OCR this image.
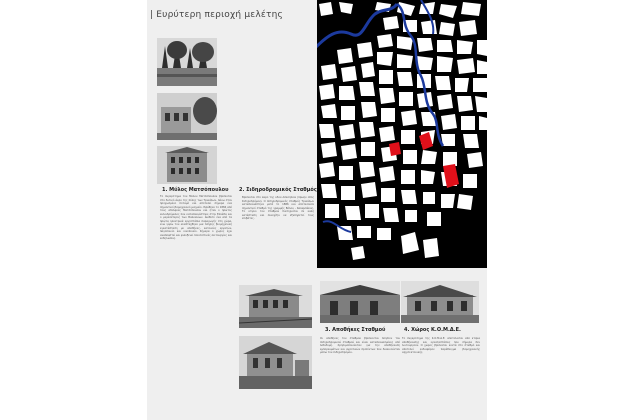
| Ευρύτερη περιοχή μελέτης
1. Μύλος Ματσόπουλου
Το συγκρότημα του Μύλου Ματσόπουλου βρίσκεται στο δυτικό άκρο της πόλης των Τρικάλων, πάνω στον προχωσμένο ποταμό και αποτελεί σήμερα ένα σημαντικό βιομηχανικό μνημείο. Ιδρύθηκε το 1884 από τους αδελφούς Ματσόπουλου και ήταν ο πρώτος κυλινδρόμυλος που κατασκευάστηκε στην Ελλάδα και ο μεγαλύτερος των Βαλκανίων. Διέθετε ένα από τα πρώτα ηλεκτρικά εργοστάσια παραγωγής στη χώρα, ενώ γύρω του αναπτύχθηκε μια πλήρης βιομηχανική εγκατάσταση με αποθήκες, κατοικίες εργατών, παγοποιείο και οινοποιείο. Σήμερα ο χώρος έχει αναπλαστεί και φιλοξενεί πολιτιστικές λειτουργίες και εκδηλώσεις.
2. Σιδηροδρομικός Σταθμός
Βρίσκεται στο άκρο της οδού Ασκληπιού (πρώην οδός Σιδηροδρόμου). Ο σιδηροδρομικός σταθμός Τρικάλων κατασκευάστηκε μετά το 1886 και αποτελούσε σημαντικό σταθμό της γραμμής Βόλου - Καλαμπάκας. Το κτίριο του σταθμού διατηρείται σε καλή κατάσταση και συνεχίζει να εξυπηρετεί τους επιβάτες.
3. Αποθήκες Σταθμού
Οι αποθήκες του σταθμού βρίσκονται πλησίον του σιδηροδρομικού σταθμού και είναι κατασκευασμένες από λιθοδομή. Χρησιμοποιούνταν για την αποθήκευση εμπορευμάτων και αγροτικών προϊόντων που διακινούνταν μέσω του σιδηροδρόμου.
4. Χώρος Κ.Ο.Μ.Δ.Ε.
Το συγκρότημα της Κ.Ο.Μ.Δ.Ε. αποτελείται από κτίρια αποθήκευσης και εγκαταστάσεις που σήμερα δεν λειτουργούν. Ο χώρος βρίσκεται κοντά στο σταθμό και αποτελεί ενδιαφέρον παράδειγμα βιομηχανικής αρχιτεκτονικής.
